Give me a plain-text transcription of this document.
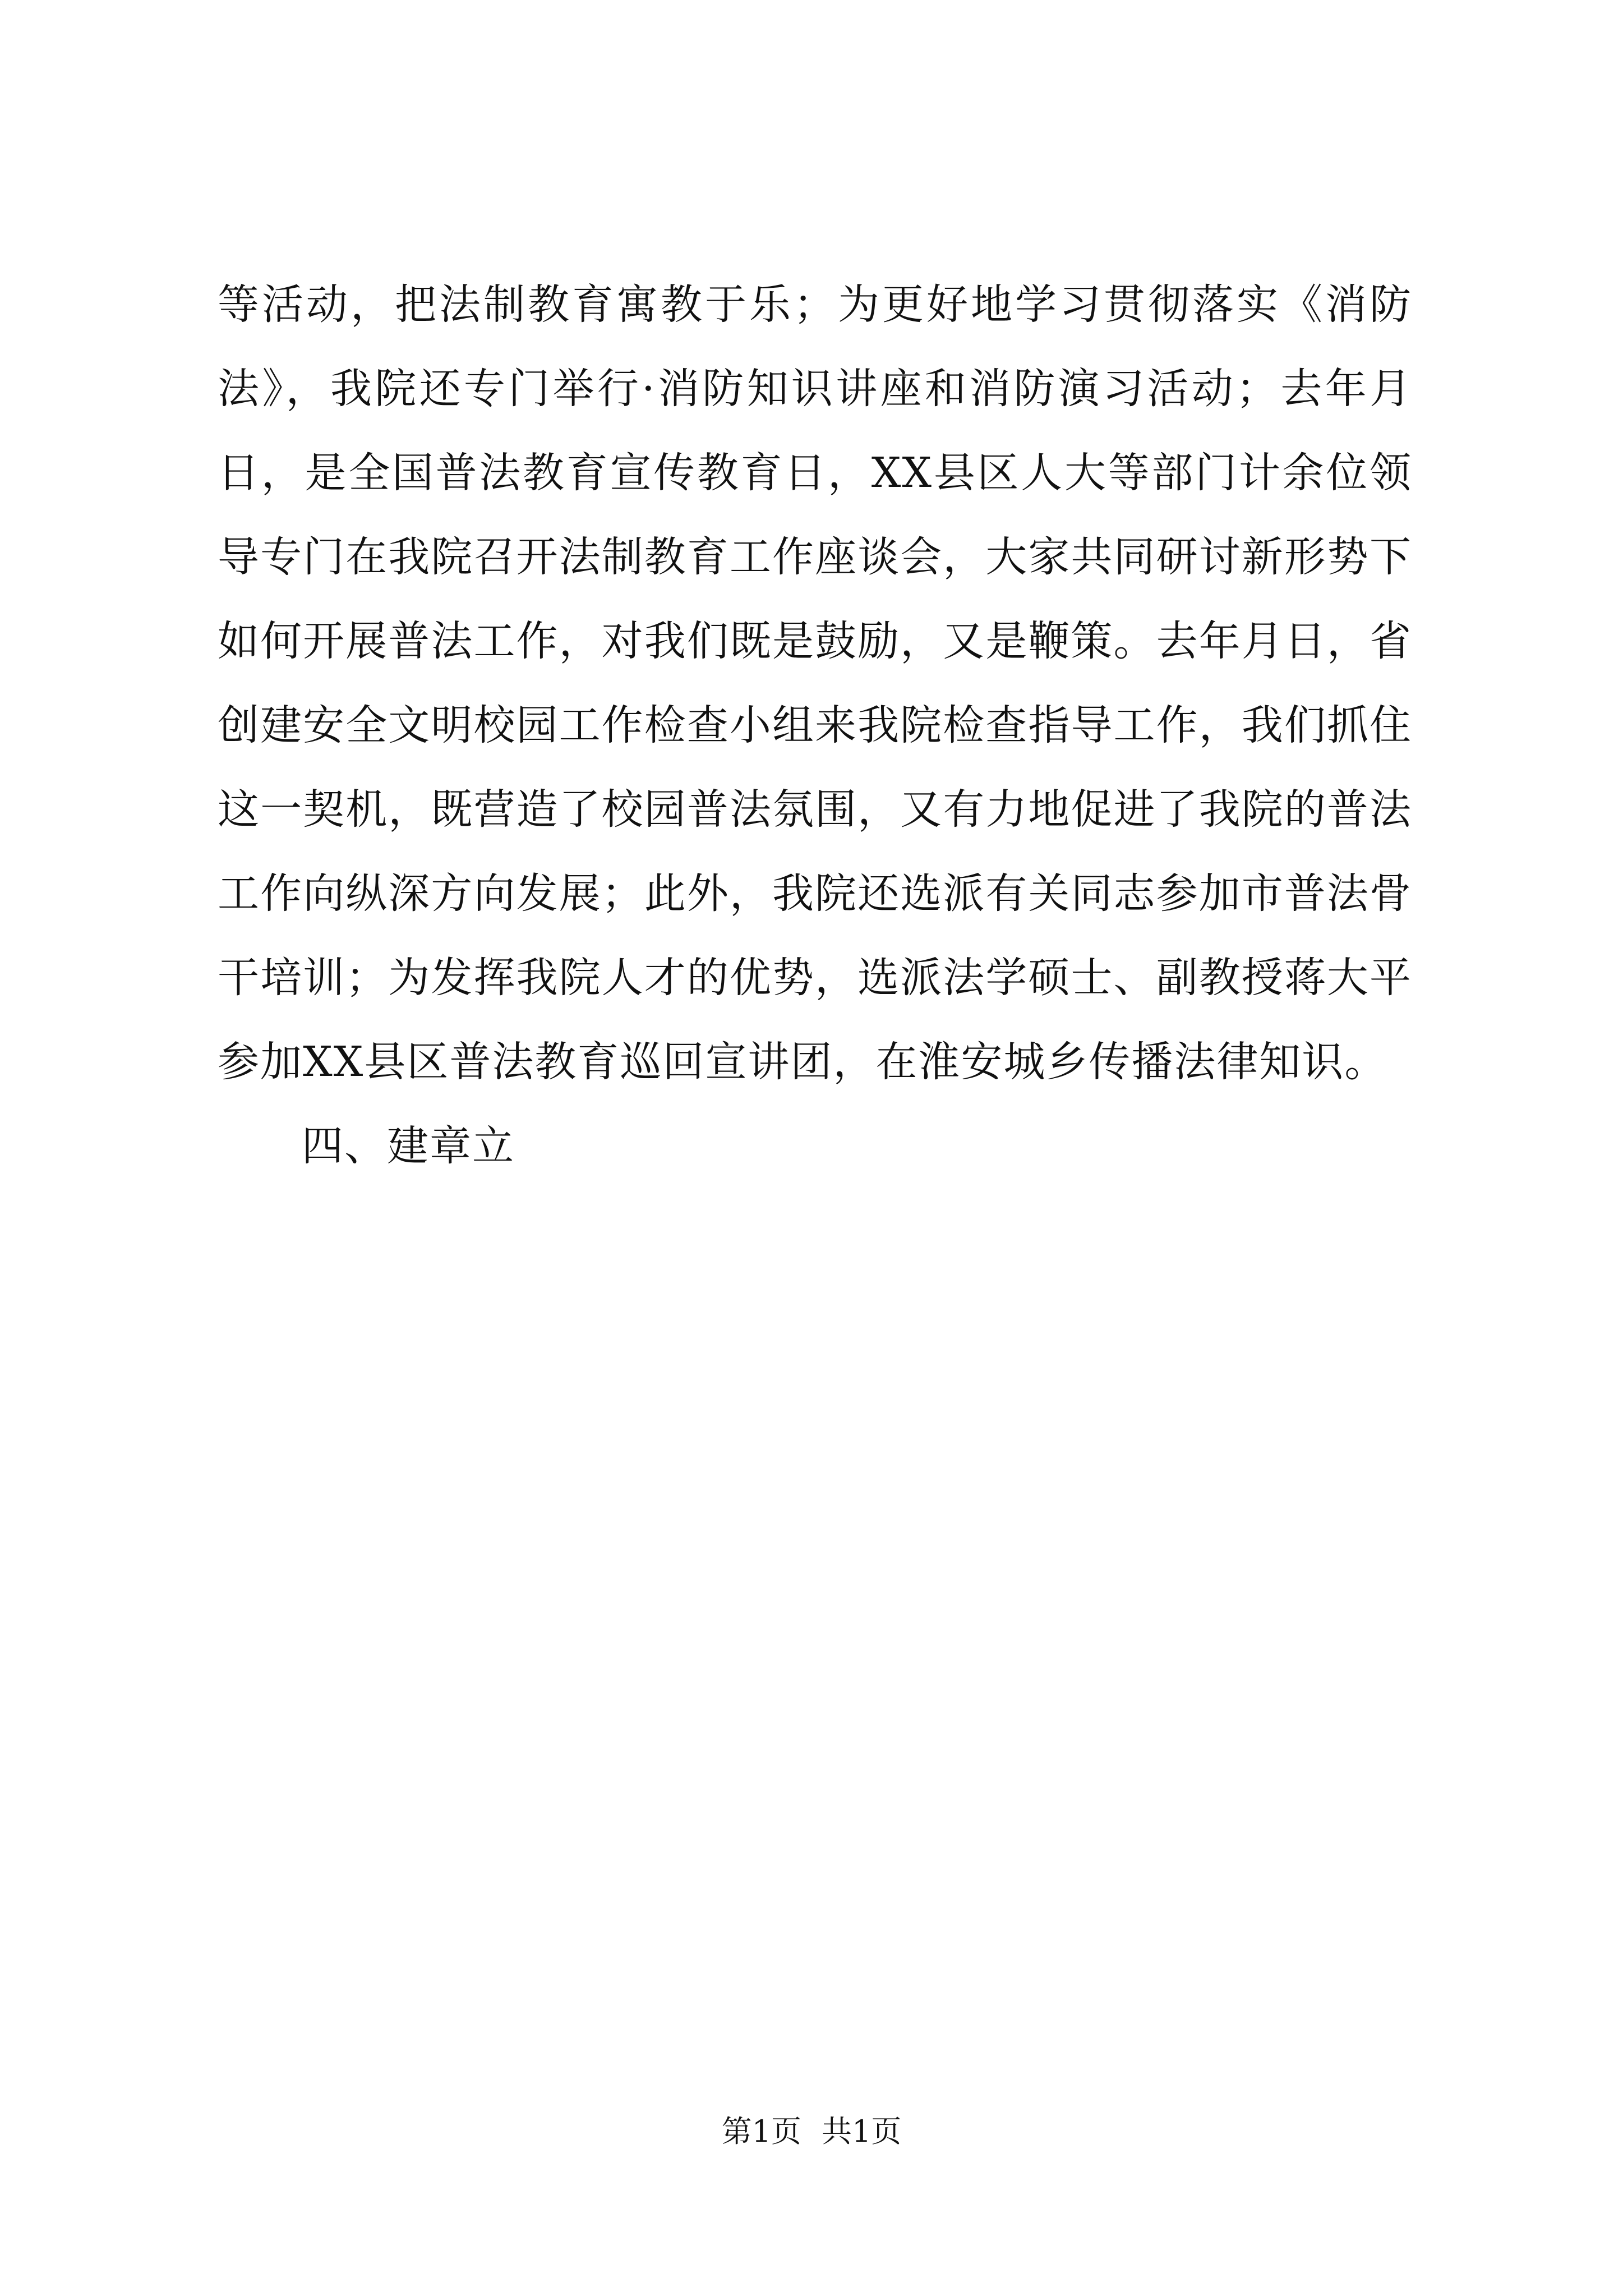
等活动，把法制教育寓教于乐；为更好地学习贯彻落实《消防
法》，我院还专门举行·消防知识讲座和消防演习活动；去年月
日，是全国普法教育宣传教育日，XX县区人大等部门计余位领
导专门在我院召开法制教育工作座谈会，大家共同研讨新形势下
如何开展普法工作，对我们既是鼓励，又是鞭策。去年月日，省
创建安全文明校园工作检查小组来我院检查指导工作，我们抓住
这一契机，既营造了校园普法氛围，又有力地促进了我院的普法
工作向纵深方向发展；此外，我院还选派有关同志参加市普法骨
干培训；为发挥我院人才的优势，选派法学硕士、副教授蒋大平
参加XX县区普法教育巡回宣讲团，在淮安城乡传播法律知识。
四、建章立
第1页 共1页
